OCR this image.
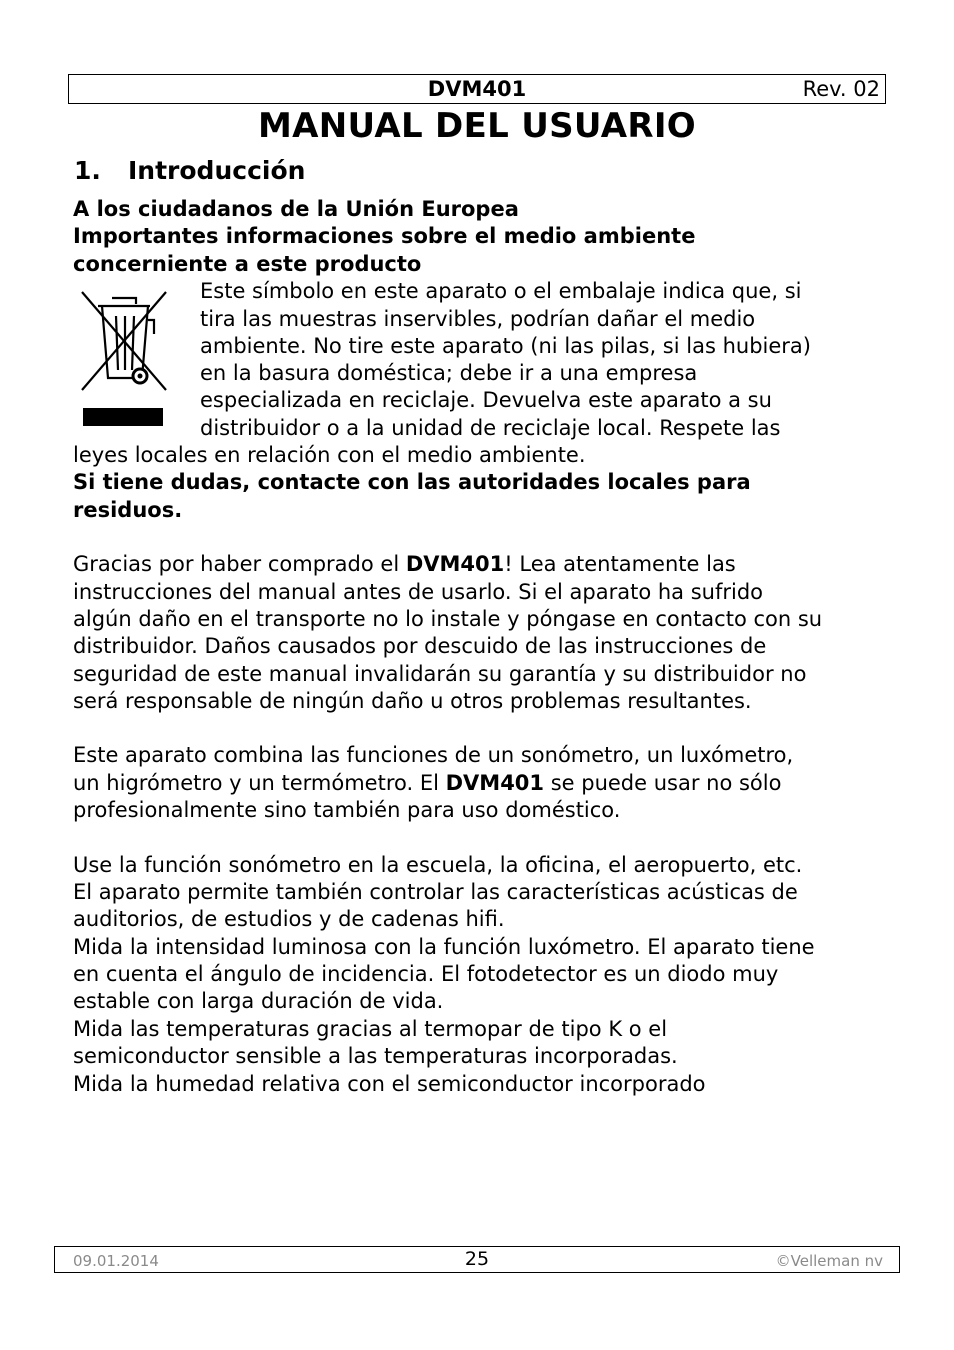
DVM401	Rev. 02
MANUAL DEL USUARIO
1. Introducción
A los ciudadanos de la Unión Europea
Importantes informaciones sobre el medio ambiente
concerniente a este producto
Este símbolo en este aparato o el embalaje indica que, si
tira las muestras inservibles, podrían dañar el medio
ambiente. No tire este aparato (ni las pilas, si las hubiera)
en la basura doméstica; debe ir a una empresa
especializada en reciclaje. Devuelva este aparato a su
distribuidor o a la unidad de reciclaje local. Respete las
leyes locales en relación con el medio ambiente.
Si tiene dudas, contacte con las autoridades locales para
residuos.
Gracias por haber comprado el DVM401! Lea atentamente las
instrucciones del manual antes de usarlo. Si el aparato ha sufrido
algún daño en el transporte no lo instale y póngase en contacto con su
distribuidor. Daños causados por descuido de las instrucciones de
seguridad de este manual invalidarán su garantía y su distribuidor no
será responsable de ningún daño u otros problemas resultantes.
Este aparato combina las funciones de un sonómetro, un luxómetro,
un higrómetro y un termómetro. El DVM401 se puede usar no sólo
profesionalmente sino también para uso doméstico.
Use la función sonómetro en la escuela, la oficina, el aeropuerto, etc.
El aparato permite también controlar las características acústicas de
auditorios, de estudios y de cadenas hifi.
Mida la intensidad luminosa con la función luxómetro. El aparato tiene
en cuenta el ángulo de incidencia. El fotodetector es un diodo muy
estable con larga duración de vida.
Mida las temperaturas gracias al termopar de tipo K o el
semiconductor sensible a las temperaturas incorporadas.
Mida la humedad relativa con el semiconductor incorporado
09.01.2014	25	©Velleman nv
